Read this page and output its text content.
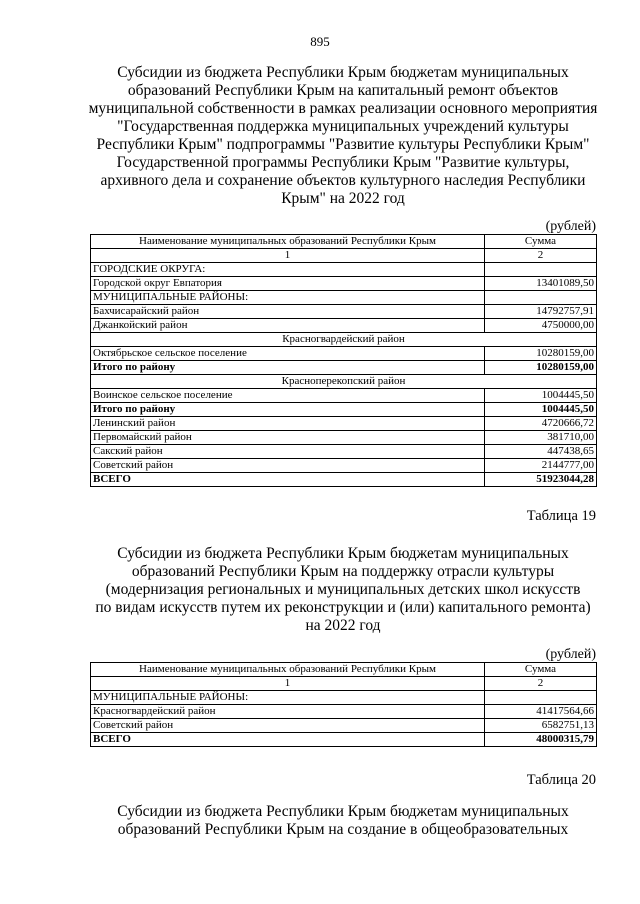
895
Субсидии из бюджета Республики Крым бюджетам муниципальных
образований Республики Крым на капитальный ремонт объектов
муниципальной собственности в рамках реализации основного мероприятия
"Государственная поддержка муниципальных учреждений культуры
Республики Крым" подпрограммы "Развитие культуры Республики Крым"
Государственной программы Республики Крым "Развитие культуры,
архивного дела и сохранение объектов культурного наследия Республики
Крым" на 2022 год
(рублей)
Наименование муниципальных образований Республики Крым	Сумма
1	2
ГОРОДСКИЕ ОКРУГА:	
Городской округ Евпатория	13401089,50
МУНИЦИПАЛЬНЫЕ РАЙОНЫ:	
Бахчисарайский район	14792757,91
Джанкойский район	4750000,00
Красногвардейский район	
Октябрьское сельское поселение	10280159,00
Итого по району	10280159,00
Красноперекопский район	
Воинское сельское поселение	1004445,50
Итого по району	1004445,50
Ленинский район	4720666,72
Первомайский район	381710,00
Сакский район	447438,65
Советский район	2144777,00
ВСЕГО	51923044,28
Таблица 19
Субсидии из бюджета Республики Крым бюджетам муниципальных
образований Республики Крым на поддержку отрасли культуры
(модернизация региональных и муниципальных детских школ искусств
по видам искусств путем их реконструкции и (или) капитального ремонта)
на 2022 год
(рублей)
Наименование муниципальных образований Республики Крым	Сумма
1	2
МУНИЦИПАЛЬНЫЕ РАЙОНЫ:	
Красногвардейский район	41417564,66
Советский район	6582751,13
ВСЕГО	48000315,79
Таблица 20
Субсидии из бюджета Республики Крым бюджетам муниципальных
образований Республики Крым на создание в общеобразовательных
